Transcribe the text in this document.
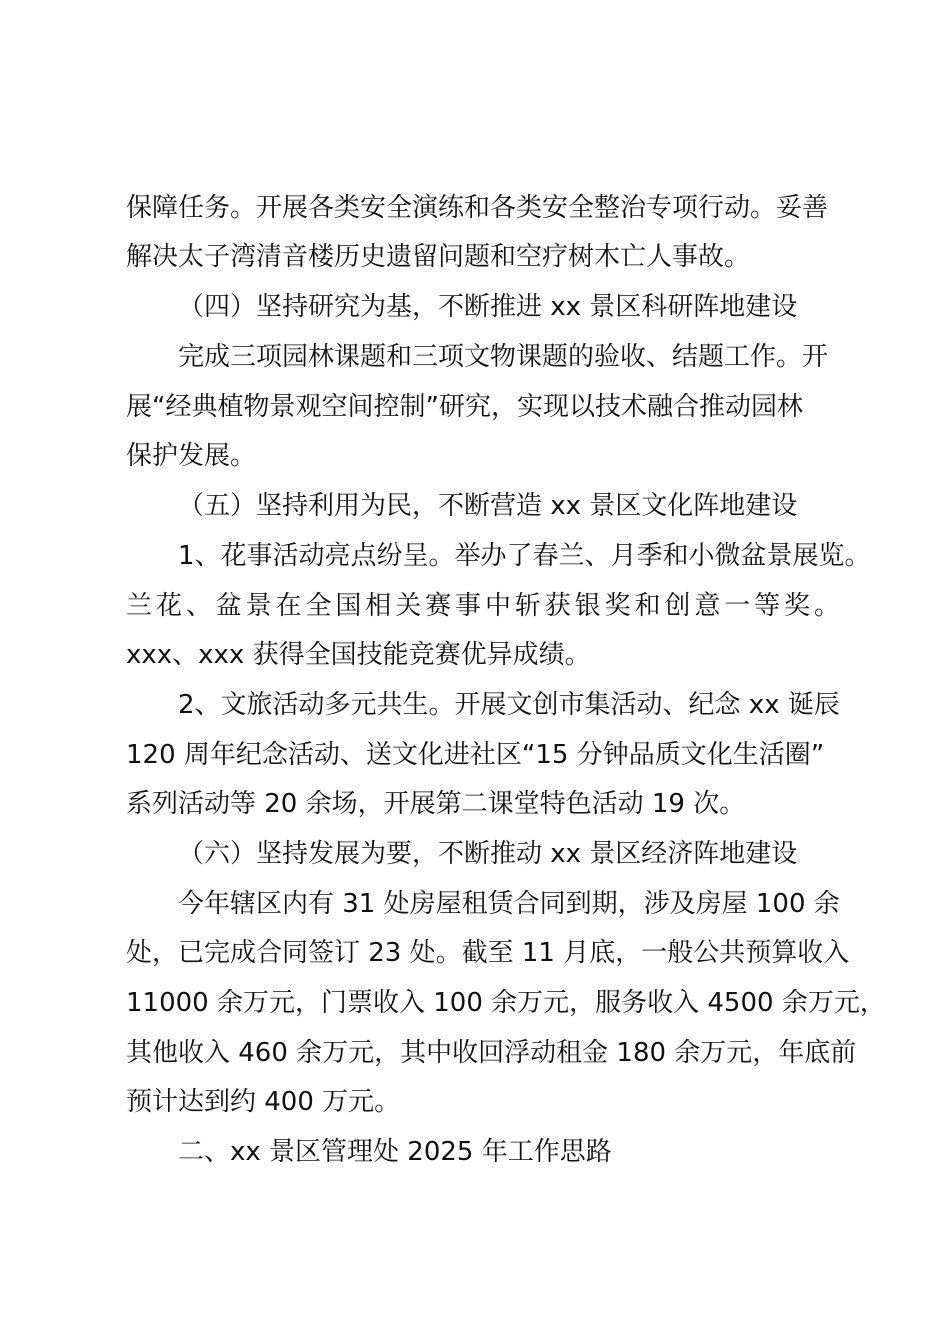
保障任务。开展各类安全演练和各类安全整治专项行动。妥善
解决太子湾清音楼历史遗留问题和空疗树木亡人事故。
（四）坚持研究为基，不断推进 xx 景区科研阵地建设
完成三项园林课题和三项文物课题的验收、结题工作。开
展“经典植物景观空间控制”研究，实现以技术融合推动园林
保护发展。
（五）坚持利用为民，不断营造 xx 景区文化阵地建设
1、花事活动亮点纷呈。举办了春兰、月季和小微盆景展览。
兰花、盆景在全国相关赛事中斩获银奖和创意一等奖。
xxx、xxx 获得全国技能竞赛优异成绩。
2、文旅活动多元共生。开展文创市集活动、纪念 xx 诞辰
120 周年纪念活动、送文化进社区“15 分钟品质文化生活圈”
系列活动等 20 余场，开展第二课堂特色活动 19 次。
（六）坚持发展为要，不断推动 xx 景区经济阵地建设
今年辖区内有 31 处房屋租赁合同到期，涉及房屋 100 余
处，已完成合同签订 23 处。截至 11 月底，一般公共预算收入
11000 余万元，门票收入 100 余万元，服务收入 4500 余万元，
其他收入 460 余万元，其中收回浮动租金 180 余万元，年底前
预计达到约 400 万元。
二、xx 景区管理处 2025 年工作思路
